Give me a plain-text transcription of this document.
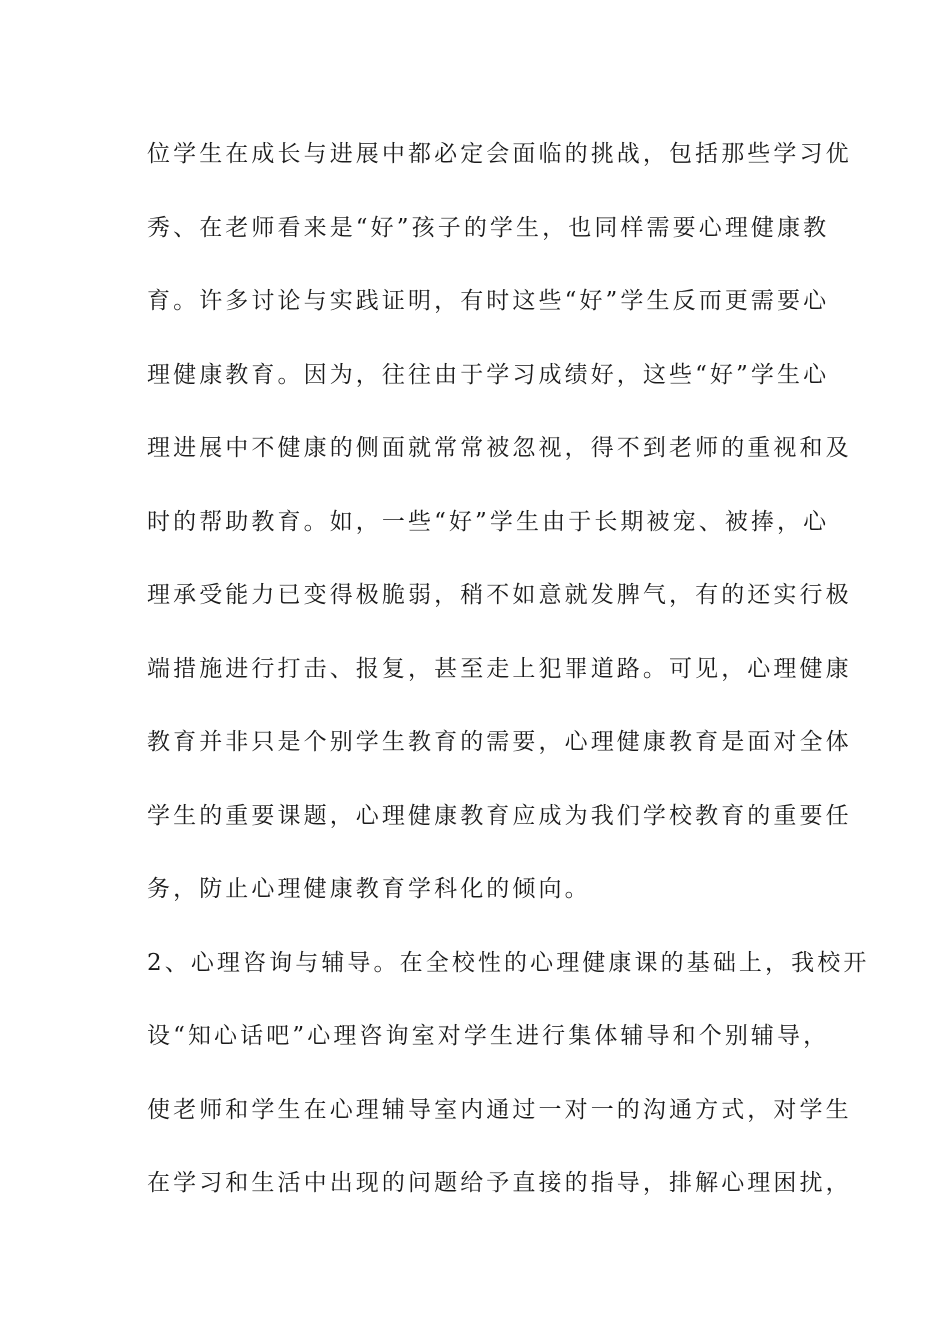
位学生在成长与进展中都必定会面临的挑战，包括那些学习优
秀、在老师看来是“好”孩子的学生，也同样需要心理健康教
育。许多讨论与实践证明，有时这些“好”学生反而更需要心
理健康教育。因为，往往由于学习成绩好，这些“好”学生心
理进展中不健康的侧面就常常被忽视，得不到老师的重视和及
时的帮助教育。如，一些“好”学生由于长期被宠、被捧，心
理承受能力已变得极脆弱，稍不如意就发脾气，有的还实行极
端措施进行打击、报复，甚至走上犯罪道路。可见，心理健康
教育并非只是个别学生教育的需要，心理健康教育是面对全体
学生的重要课题，心理健康教育应成为我们学校教育的重要任
务，防止心理健康教育学科化的倾向。
2、心理咨询与辅导。在全校性的心理健康课的基础上，我校开
设“知心话吧”心理咨询室对学生进行集体辅导和个别辅导，
使老师和学生在心理辅导室内通过一对一的沟通方式，对学生
在学习和生活中出现的问题给予直接的指导，排解心理困扰，
